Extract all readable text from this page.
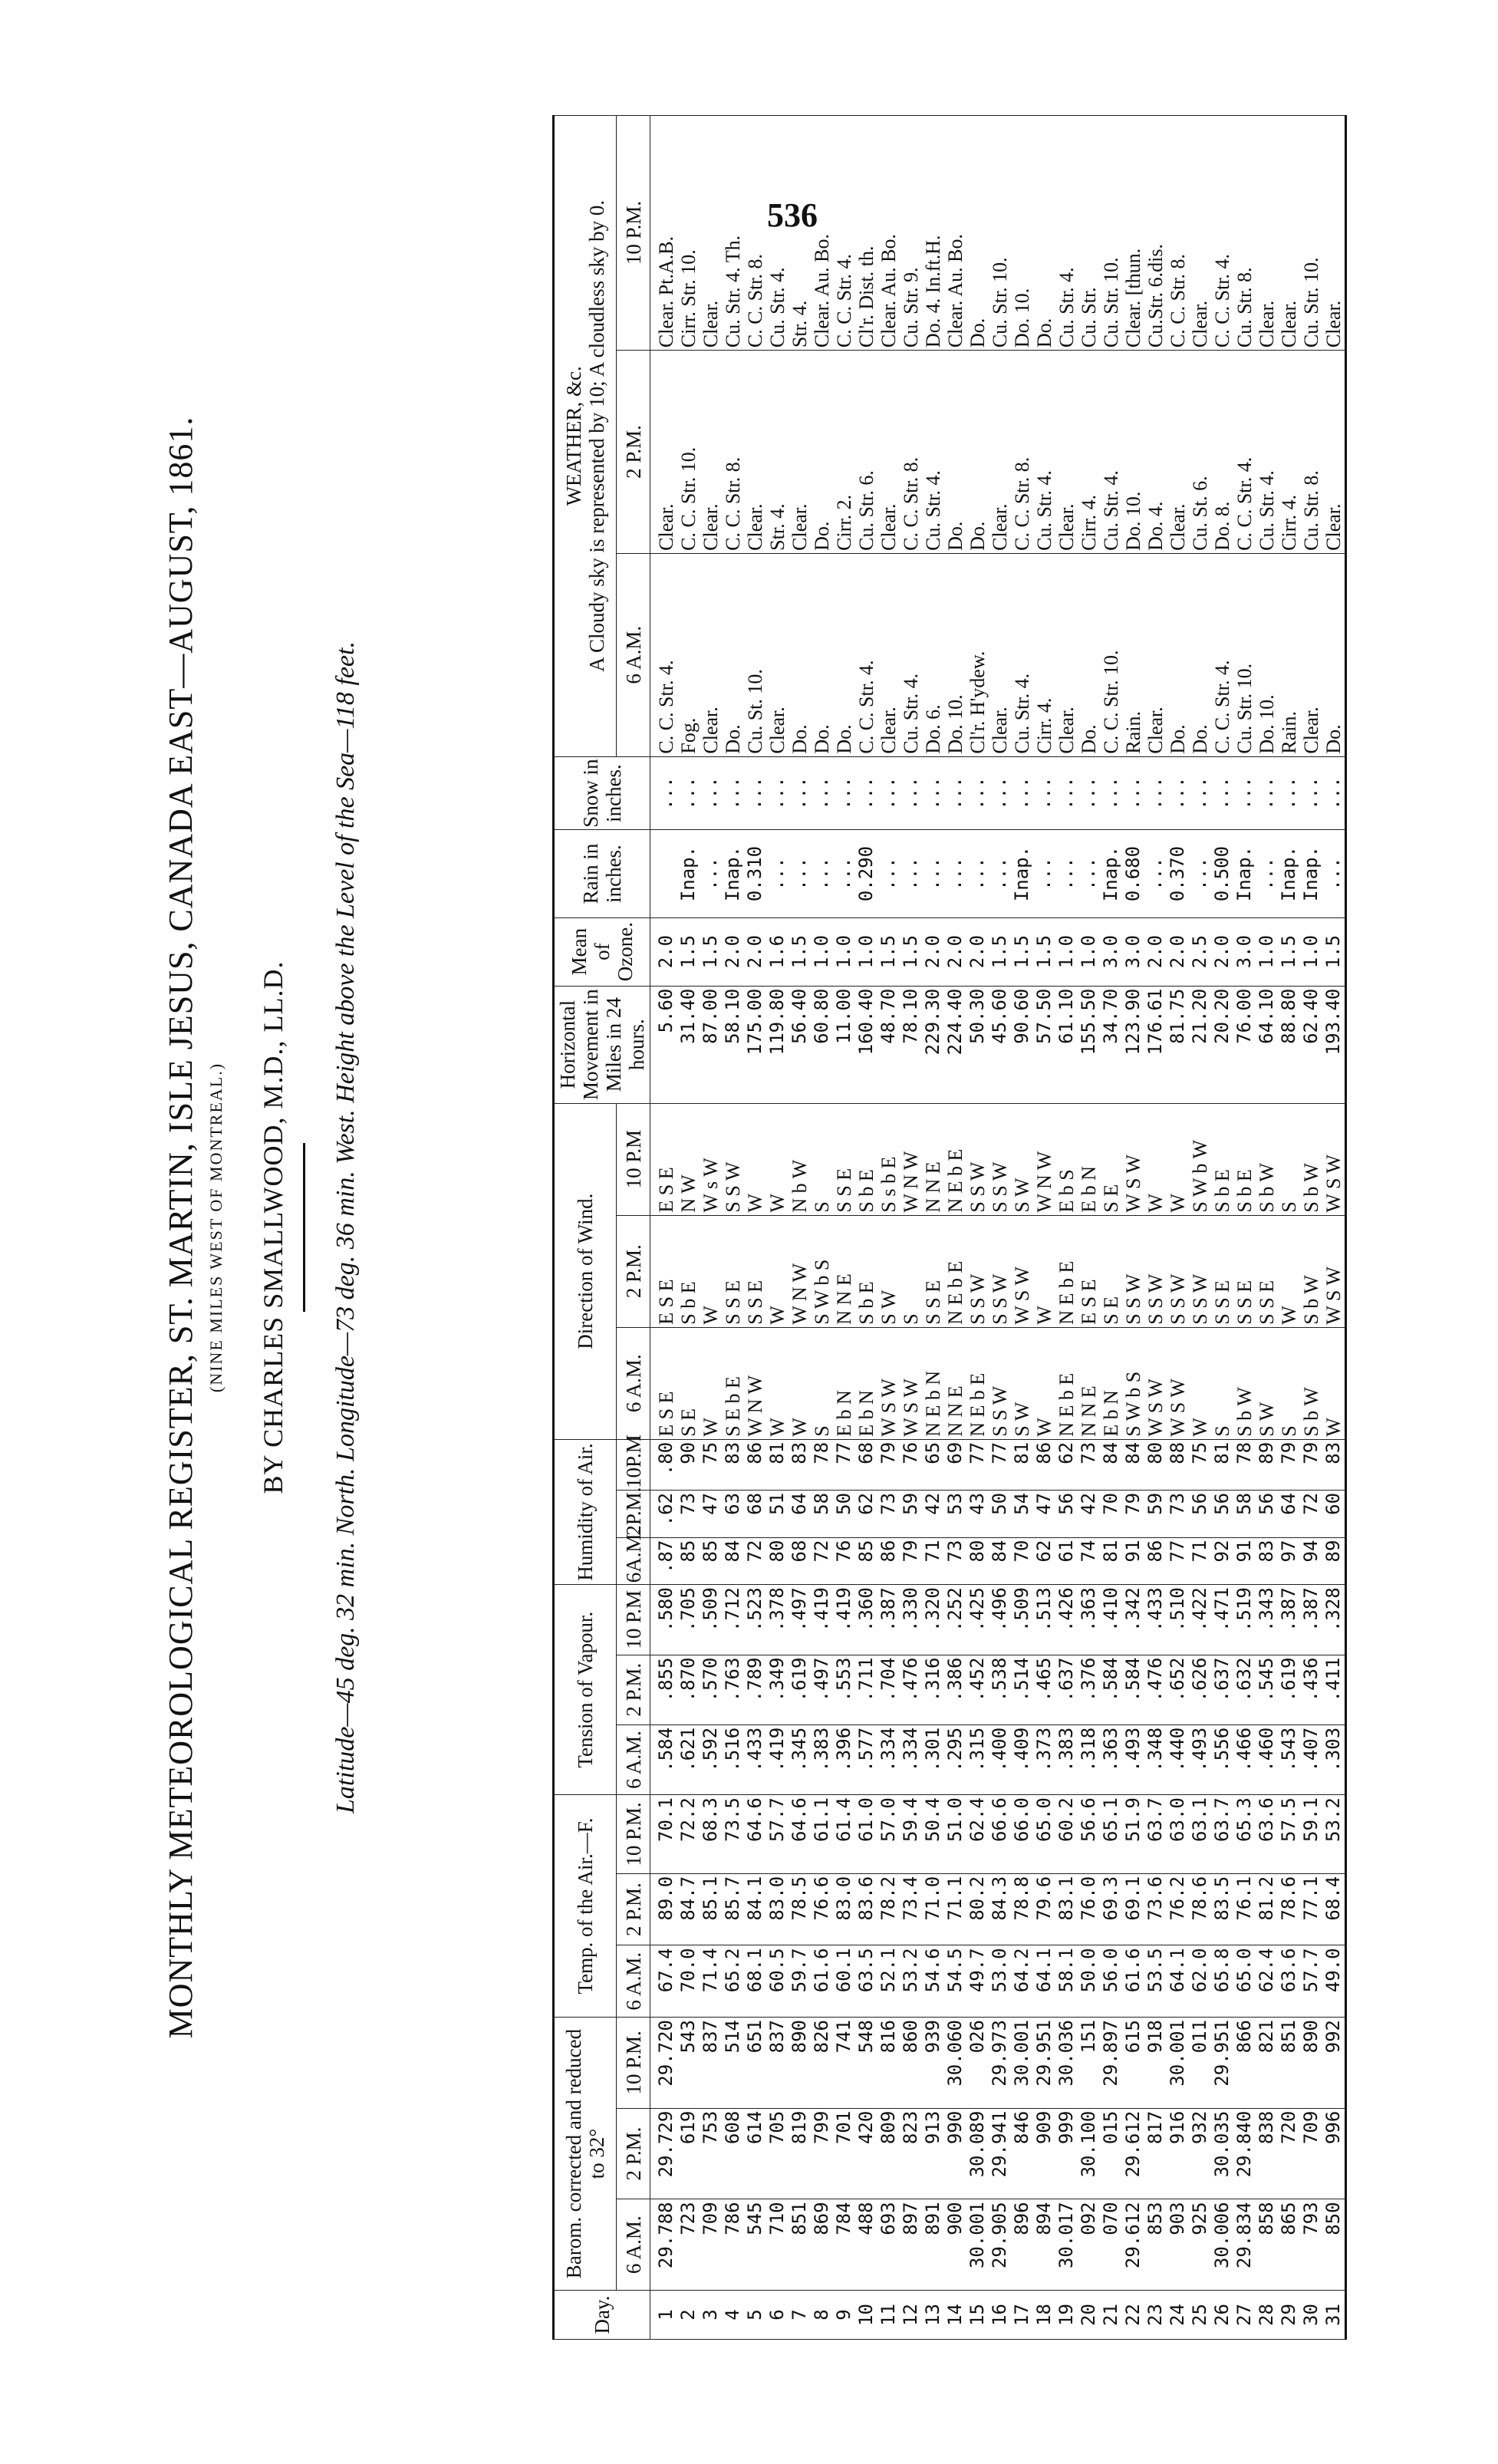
536
MONTHLY METEOROLOGICAL REGISTER, ST. MARTIN, ISLE JESUS, CANADA EAST—AUGUST, 1861. (NINE MILES WEST OF MONTREAL.) BY CHARLES SMALLWOOD, M.D., LL.D. Latitude—45 deg. 32 min. North. Longitude—73 deg. 36 min. West. Height above the Level of the Sea—118 feet.
Day.	Barom. corrected and reduced to 32°			Temp. of the Air.—F.			Tension of Vapour.			Humidity of Air.			Direction of Wind.			Horizontal Movement in Miles in 24 hours.	Mean of Ozone.	Rain in inches.	Snow in inches.	WEATHER, &c.
A Cloudy sky is represented by 10; A cloudless sky by 0.		
	6 A.M.	2 P.M.	10 P.M.	6 A.M.	2 P.M.	10 P.M.	6 A.M.	2 P.M.	10 P.M	6A.M.	2P.M.	10P.M	6 A.M.	2 P.M.	10 P.M					6 A.M.	2 P.M.	10 P.M.
1	29.788	29.729	29.720	67.4	89.0	70.1	.584	.855	.580	.87	.62	.80	E S E	E S E	E S E	5.60	2.0		...	C. C. Str. 4.	Clear.	Clear. Pt.A.B.
2	723	619	543	70.0	84.7	72.2	.621	.870	.705	85	73	90	S E	S b E	N W	31.40	1.5	Inap.	...	Fog.	C. C. Str. 10.	Cirr. Str. 10.
3	709	753	837	71.4	85.1	68.3	.592	.570	.509	85	47	75	W	W	W s W	87.00	1.5	...	...	Clear.	Clear.	Clear.
4	786	608	514	65.2	85.7	73.5	.516	.763	.712	84	63	83	S E b E	S S E	S S W	58.10	2.0	Inap.	...	Do.	C. C. Str. 8.	Cu. Str. 4. Th.
5	545	614	651	68.1	84.1	64.6	.433	.789	.523	72	68	86	W N W	S S E	W	175.00	2.0	0.310	...	Cu. St. 10.	Clear.	C. C. Str. 8.
6	710	705	837	60.5	83.0	57.7	.419	.349	.378	80	51	81	W	W	W	119.80	1.6	...	...	Clear.	Str. 4.	Cu. Str. 4.
7	851	819	890	59.7	78.5	64.6	.345	.619	.497	68	64	83	W	W N W	N b W	56.40	1.5	...	...	Do.	Clear.	Str. 4.
8	869	799	826	61.6	76.6	61.1	.383	.497	.419	72	58	78	S	S W b S	S	60.80	1.0	...	...	Do.	Do.	Clear. Au. Bo.
9	784	701	741	60.1	83.0	61.4	.396	.553	.419	76	50	77	E b N	N N E	S S E	11.00	1.0	...	...	Do.	Cirr. 2.	C. C. Str. 4.
10	488	420	548	63.5	83.6	61.0	.577	.711	.360	85	62	68	E b N	S b E	S b E	160.40	1.0	0.290	...	C. C. Str. 4.	Cu. Str. 6.	Cl'r. Dist. th.
11	693	809	816	52.1	78.2	57.0	.334	.704	.387	86	73	79	W S W	S W	S s b E	48.70	1.5	...	...	Clear.	Clear.	Clear. Au. Bo.
12	897	823	860	53.2	73.4	59.4	.334	.476	.330	79	59	76	W S W	S	W N W	78.10	1.5	...	...	Cu. Str. 4.	C. C. Str. 8.	Cu. Str. 9.
13	891	913	939	54.6	71.0	50.4	.301	.316	.320	71	42	65	N E b N	S S E	N N E	229.30	2.0	...	...	Do. 6.	Cu. Str. 4.	Do. 4. In.ft.H.
14	900	990	30.060	54.5	71.1	51.0	.295	.386	.252	73	53	69	N N E	N E b E	N E b E	224.40	2.0	...	...	Do. 10.	Do.	Clear. Au. Bo.
15	30.001	30.089	026	49.7	80.2	62.4	.315	.452	.425	80	43	77	N E b E	S S W	S S W	50.30	2.0	...	...	Cl'r. H'ydew.	Do.	Do.
16	29.905	29.941	29.973	53.0	84.3	66.6	.400	.538	.496	84	50	77	S S W	S S W	S S W	45.60	1.5	...	...	Clear.	Clear.	Cu. Str. 10.
17	896	846	30.001	64.2	78.8	66.0	.409	.514	.509	70	54	81	S W	W S W	S W	90.60	1.5	Inap.	...	Cu. Str. 4.	C. C. Str. 8.	Do. 10.
18	894	909	29.951	64.1	79.6	65.0	.373	.465	.513	62	47	86	W	W	W N W	57.50	1.5	...	...	Cirr. 4.	Cu. Str. 4.	Do.
19	30.017	999	30.036	58.1	83.1	60.2	.383	.637	.426	61	56	62	N E b E	N E b E	E b S	61.10	1.0	...	...	Clear.	Clear.	Cu. Str. 4.
20	092	30.100	151	50.0	76.0	56.6	.318	.376	.363	74	42	73	N N E	E S E	E b N	155.50	1.0	...	...	Do.	Cirr. 4.	Cu. Str.
21	070	015	29.897	56.0	69.3	65.1	.363	.584	.410	81	70	84	E b N	S E	S E	34.70	3.0	Inap.	...	C. C. Str. 10.	Cu. Str. 4.	Cu. Str. 10.
22	29.612	29.612	615	61.6	69.1	51.9	.493	.584	.342	91	79	84	S W b S	S S W	W S W	123.90	3.0	0.680	...	Rain.	Do. 10.	Clear. [thun.
23	853	817	918	53.5	73.6	63.7	.348	.476	.433	86	59	80	W S W	S S W	W	176.61	2.0	...	...	Clear.	Do. 4.	Cu.Str. 6.dis.
24	903	916	30.001	64.1	76.2	63.0	.440	.652	.510	77	73	88	W S W	S S W	W	81.75	2.0	0.370	...	Do.	Clear.	C. C. Str. 8.
25	925	932	011	62.0	78.6	63.1	.493	.626	.422	71	56	75	W	S S W	S W b W	21.20	2.5	...	...	Do.	Cu. St. 6.	Clear.
26	30.006	30.035	29.951	65.8	83.5	63.7	.556	.637	.471	92	56	81	S	S S E	S b E	20.20	2.0	0.500	...	C. C. Str. 4.	Do. 8.	C. C. Str. 4.
27	29.834	29.840	866	65.0	76.1	65.3	.466	.632	.519	91	58	78	S b W	S S E	S b E	76.00	3.0	Inap.	...	Cu. Str. 10.	C. C. Str. 4.	Cu. Str. 8.
28	858	838	821	62.4	81.2	63.6	.460	.545	.343	83	56	89	S W	S S E	S b W	64.10	1.0	...	...	Do. 10.	Cu. Str. 4.	Clear.
29	865	720	851	63.6	78.6	57.5	.543	.619	.387	97	64	79	S	W	S	88.80	1.5	Inap.	...	Rain.	Cirr. 4.	Clear.
30	793	709	890	57.7	77.1	59.1	.407	.436	.387	94	72	79	S b W	S b W	S b W	62.40	1.0	Inap.	...	Clear.	Cu. Str. 8.	Cu. Str. 10.
31	850	996	992	49.0	68.4	53.2	.303	.411	.328	89	60	83	W	W S W	W S W	193.40	1.5	...	...	Do.	Clear.	Clear.
